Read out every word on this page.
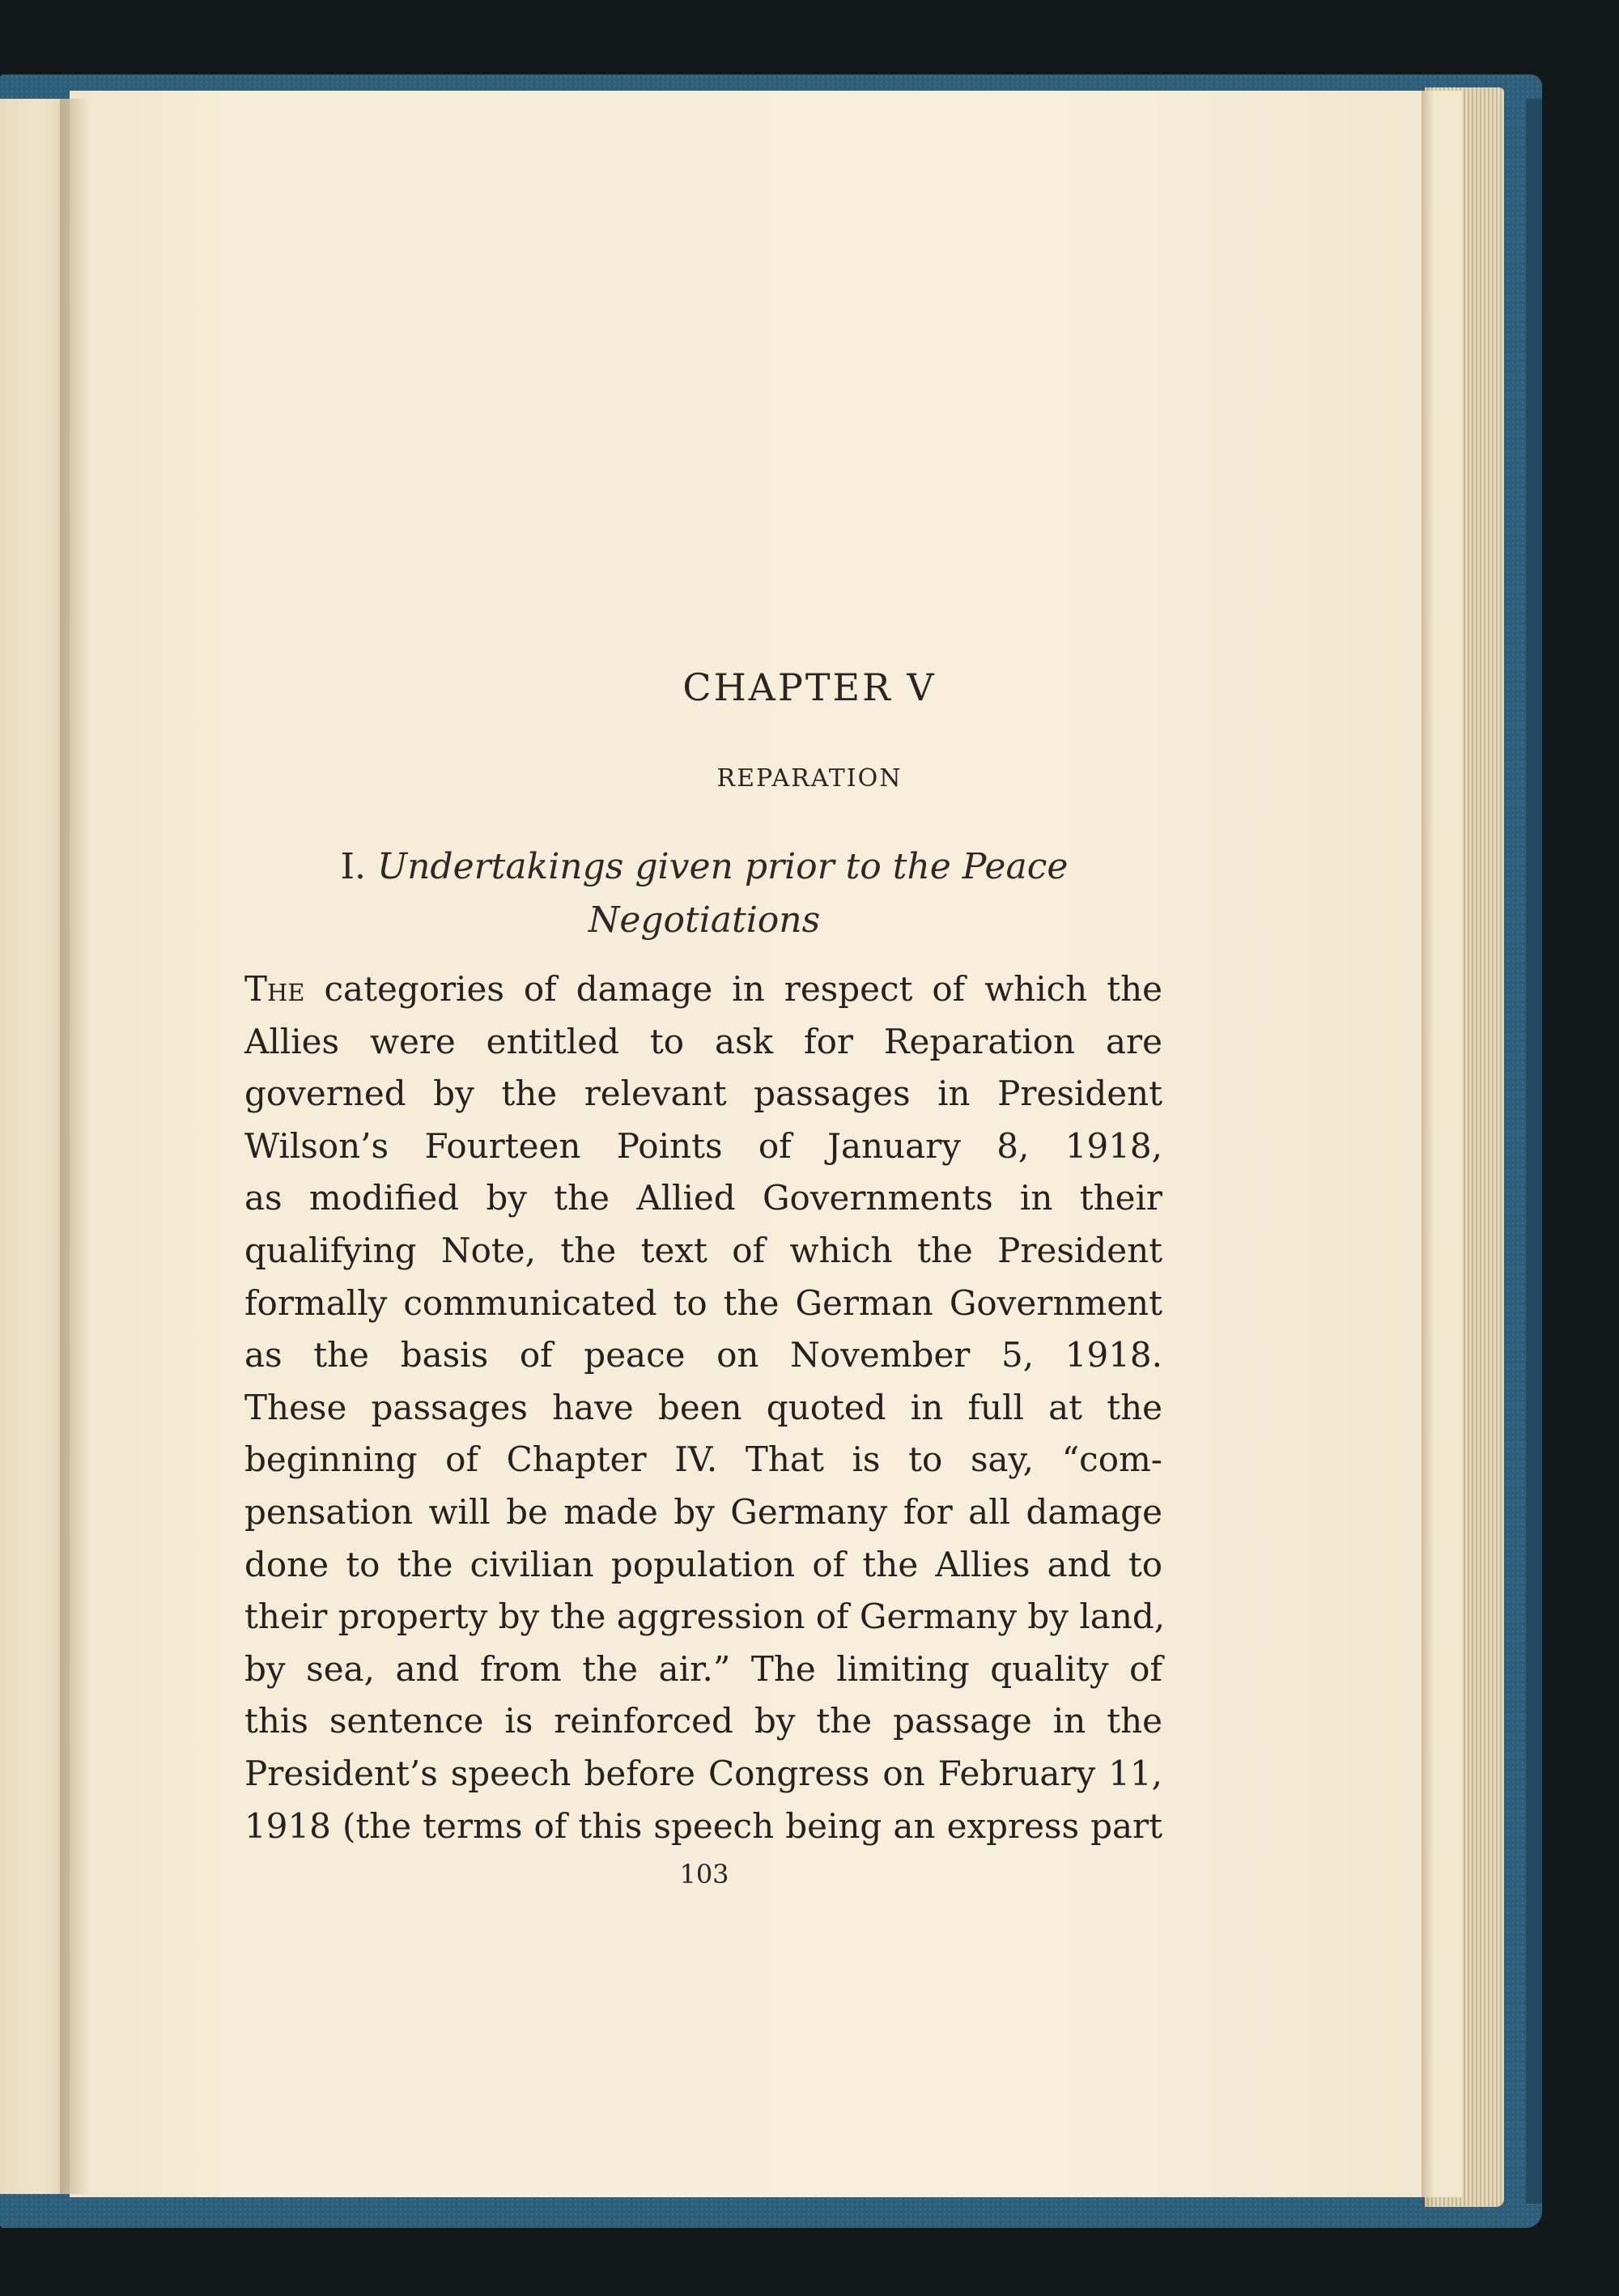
CHAPTER V
REPARATION
I. Undertakings given prior to the Peace
Negotiations
The categories of damage in respect of which the
Allies were entitled to ask for Reparation are
governed by the relevant passages in President
Wilson’s Fourteen Points of January 8, 1918,
as modified by the Allied Governments in their
qualifying Note, the text of which the President
formally communicated to the German Government
as the basis of peace on November 5, 1918.
These passages have been quoted in full at the
beginning of Chapter IV. That is to say, “com-
pensation will be made by Germany for all damage
done to the civilian population of the Allies and to
their property by the aggression of Germany by land,
by sea, and from the air.” The limiting quality of
this sentence is reinforced by the passage in the
President’s speech before Congress on February 11,
1918 (the terms of this speech being an express part
103
